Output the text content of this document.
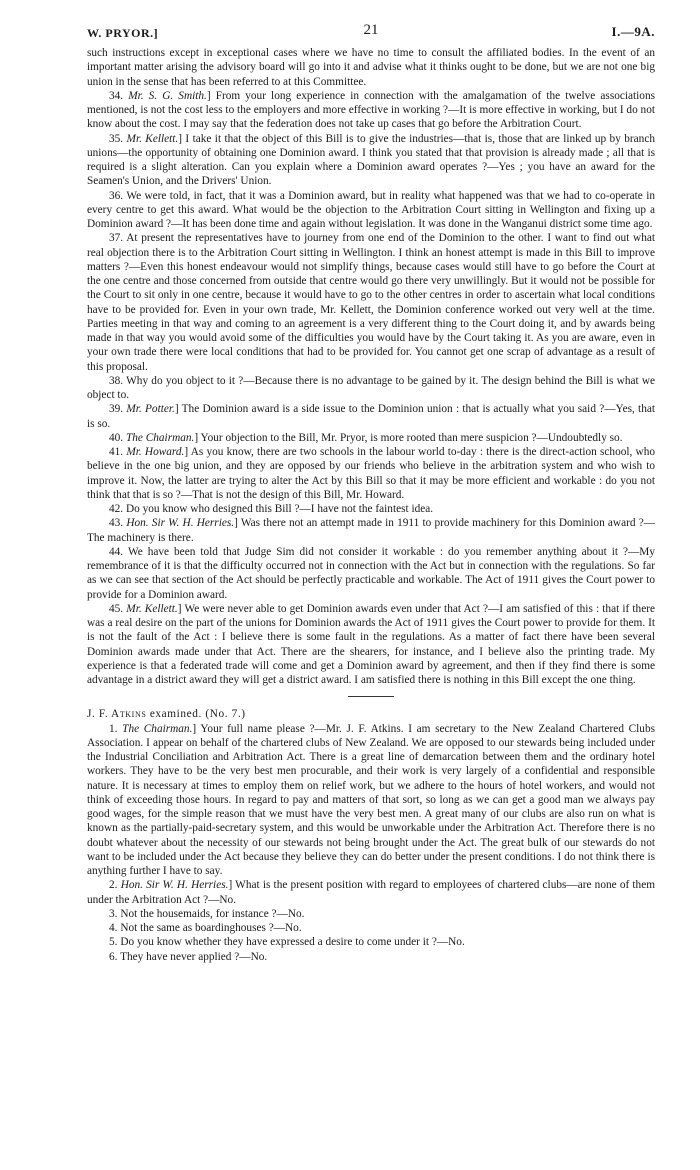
W. PRYOR.]	21	I.—9A.

such instructions except in exceptional cases where we have no time to consult the affiliated bodies. In the event of an important matter arising the advisory board will go into it and advise what it thinks ought to be done, but we are not one big union in the sense that has been referred to at this Committee.

34. Mr. S. G. Smith.] From your long experience in connection with the amalgamation of the twelve associations mentioned, is not the cost less to the employers and more effective in working ?—It is more effective in working, but I do not know about the cost. I may say that the federation does not take up cases that go before the Arbitration Court.

35. Mr. Kellett.] I take it that the object of this Bill is to give the industries—that is, those that are linked up by branch unions—the opportunity of obtaining one Dominion award. I think you stated that that provision is already made ; all that is required is a slight alteration. Can you explain where a Dominion award operates ?—Yes ; you have an award for the Seamen's Union, and the Drivers' Union.

36. We were told, in fact, that it was a Dominion award, but in reality what happened was that we had to co-operate in every centre to get this award. What would be the objection to the Arbitration Court sitting in Wellington and fixing up a Dominion award ?—It has been done time and again without legislation. It was done in the Wanganui district some time ago.

37. At present the representatives have to journey from one end of the Dominion to the other. I want to find out what real objection there is to the Arbitration Court sitting in Wellington. I think an honest attempt is made in this Bill to improve matters ?—Even this honest endeavour would not simplify things, because cases would still have to go before the Court at the one centre and those concerned from outside that centre would go there very unwillingly. But it would not be possible for the Court to sit only in one centre, because it would have to go to the other centres in order to ascertain what local conditions have to be provided for. Even in your own trade, Mr. Kellett, the Dominion conference worked out very well at the time. Parties meeting in that way and coming to an agreement is a very different thing to the Court doing it, and by awards being made in that way you would avoid some of the difficulties you would have by the Court taking it. As you are aware, even in your own trade there were local conditions that had to be provided for. You cannot get one scrap of advantage as a result of this proposal.

38. Why do you object to it ?—Because there is no advantage to be gained by it. The design behind the Bill is what we object to.

39. Mr. Potter.] The Dominion award is a side issue to the Dominion union : that is actually what you said ?—Yes, that is so.

40. The Chairman.] Your objection to the Bill, Mr. Pryor, is more rooted than mere suspicion ?—Undoubtedly so.

41. Mr. Howard.] As you know, there are two schools in the labour world to-day : there is the direct-action school, who believe in the one big union, and they are opposed by our friends who believe in the arbitration system and who wish to improve it. Now, the latter are trying to alter the Act by this Bill so that it may be more efficient and workable : do you not think that that is so ?—That is not the design of this Bill, Mr. Howard.

42. Do you know who designed this Bill ?—I have not the faintest idea.

43. Hon. Sir W. H. Herries.] Was there not an attempt made in 1911 to provide machinery for this Dominion award ?—The machinery is there.

44. We have been told that Judge Sim did not consider it workable : do you remember anything about it ?—My remembrance of it is that the difficulty occurred not in connection with the Act but in connection with the regulations. So far as we can see that section of the Act should be perfectly practicable and workable. The Act of 1911 gives the Court power to provide for a Dominion award.

45. Mr. Kellett.] We were never able to get Dominion awards even under that Act ?—I am satisfied of this : that if there was a real desire on the part of the unions for Dominion awards the Act of 1911 gives the Court power to provide for them. It is not the fault of the Act : I believe there is some fault in the regulations. As a matter of fact there have been several Dominion awards made under that Act. There are the shearers, for instance, and I believe also the printing trade. My experience is that a federated trade will come and get a Dominion award by agreement, and then if they find there is some advantage in a district award they will get a district award. I am satisfied there is nothing in this Bill except the one thing.

J. F. Atkins examined. (No. 7.)

1. The Chairman.] Your full name please ?—Mr. J. F. Atkins. I am secretary to the New Zealand Chartered Clubs Association. I appear on behalf of the chartered clubs of New Zealand. We are opposed to our stewards being included under the Industrial Conciliation and Arbitration Act. There is a great line of demarcation between them and the ordinary hotel workers. They have to be the very best men procurable, and their work is very largely of a confidential and responsible nature. It is necessary at times to employ them on relief work, but we adhere to the hours of hotel workers, and would not think of exceeding those hours. In regard to pay and matters of that sort, so long as we can get a good man we always pay good wages, for the simple reason that we must have the very best men. A great many of our clubs are also run on what is known as the partially-paid-secretary system, and this would be unworkable under the Arbitration Act. Therefore there is no doubt whatever about the necessity of our stewards not being brought under the Act. The great bulk of our stewards do not want to be included under the Act because they believe they can do better under the present conditions. I do not think there is anything further I have to say.

2. Hon. Sir W. H. Herries.] What is the present position with regard to employees of chartered clubs—are none of them under the Arbitration Act ?—No.

3. Not the housemaids, for instance ?—No.

4. Not the same as boardinghouses ?—No.

5. Do you know whether they have expressed a desire to come under it ?—No.

6. They have never applied ?—No.
